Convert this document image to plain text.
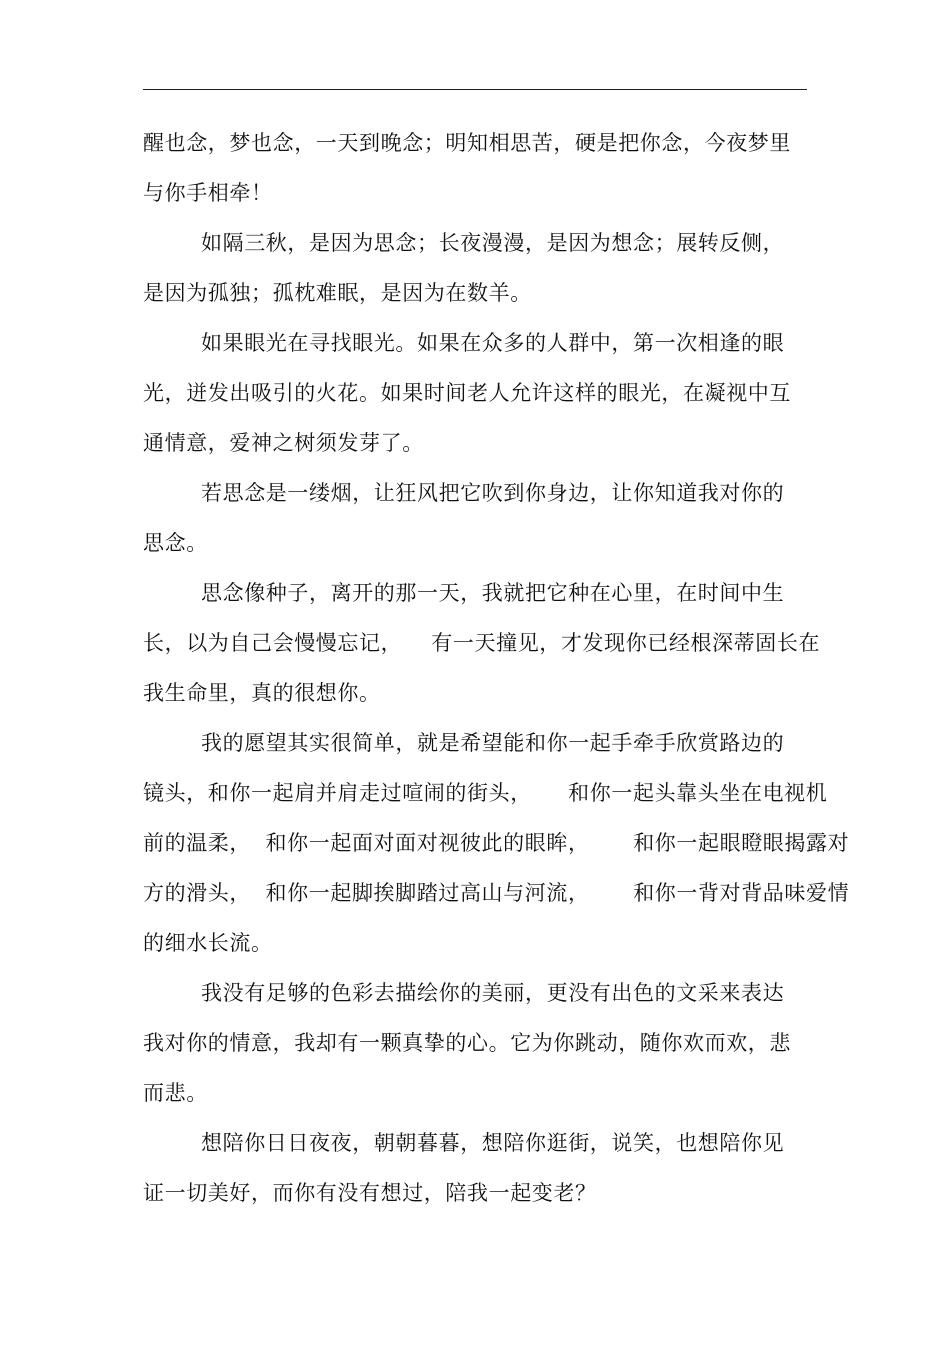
醒也念，梦也念，一天到晚念；明知相思苦，硬是把你念，今夜梦里
与你手相牵！
如隔三秋，是因为思念；长夜漫漫，是因为想念；展转反侧，
是因为孤独；孤枕难眠，是因为在数羊。
如果眼光在寻找眼光。如果在众多的人群中，第一次相逢的眼
光，迸发出吸引的火花。如果时间老人允许这样的眼光，在凝视中互
通情意，爱神之树须发芽了。
若思念是一缕烟，让狂风把它吹到你身边，让你知道我对你的
思念。
思念像种子，离开的那一天，我就把它种在心里，在时间中生
长，以为自己会慢慢忘记，    有一天撞见，才发现你已经根深蒂固长在
我生命里，真的很想你。
我的愿望其实很简单，就是希望能和你一起手牵手欣赏路边的
镜头，和你一起肩并肩走过喧闹的街头，     和你一起头靠头坐在电视机
前的温柔，  和你一起面对面对视彼此的眼眸，      和你一起眼瞪眼揭露对
方的滑头，  和你一起脚挨脚踏过高山与河流，      和你一背对背品味爱情
的细水长流。
我没有足够的色彩去描绘你的美丽，更没有出色的文采来表达
我对你的情意，我却有一颗真挚的心。它为你跳动，随你欢而欢，悲
而悲。
想陪你日日夜夜，朝朝暮暮，想陪你逛街，说笑，也想陪你见
证一切美好，而你有没有想过，陪我一起变老？
